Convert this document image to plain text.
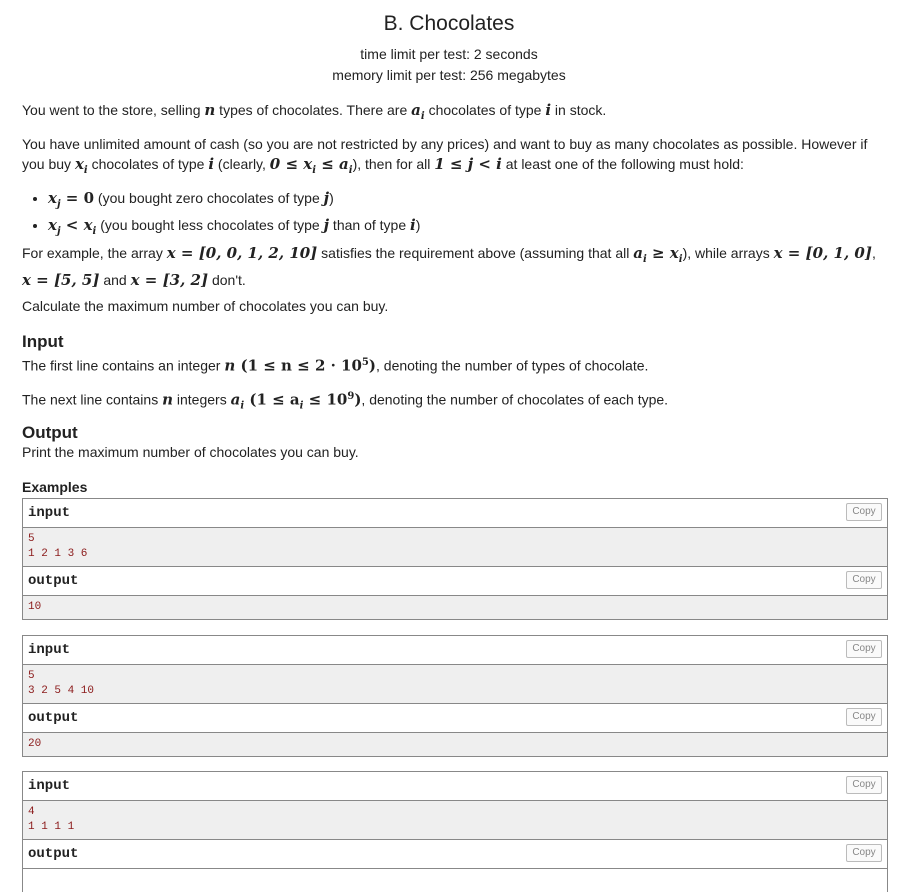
B. Chocolates
time limit per test: 2 seconds
memory limit per test: 256 megabytes
You went to the store, selling n types of chocolates. There are $a_i$ chocolates of type i in stock.
You have unlimited amount of cash (so you are not restricted by any prices) and want to buy as many chocolates as possible. However if
you buy $x_i$ chocolates of type i (clearly, $0 \le x_i \le a_i$), then for all 1 ≤ j < i at least one of the following must hold:
• $x_j = 0$ (you bought zero chocolates of type j)
• $x_j < x_i$ (you bought less chocolates of type j than of type i)
For example, the array x = [0, 0, 1, 2, 10] satisfies the requirement above (assuming that all $a_i \ge x_i$), while arrays x = [0, 1, 0],
x = [5, 5] and x = [3, 2] don't.
Calculate the maximum number of chocolates you can buy.
Input
The first line contains an integer n $(1 \le n \le 2 \cdot 10^5)$, denoting the number of types of chocolate.
The next line contains n integers $a_i$ $(1 \le a_i \le 10^9)$, denoting the number of chocolates of each type.
Output
Print the maximum number of chocolates you can buy.
Examples
input	Copy
5
1 2 1 3 6
output	Copy
10
input	Copy
5
3 2 5 4 10
output	Copy
20
input	Copy
4
1 1 1 1
output	Copy
